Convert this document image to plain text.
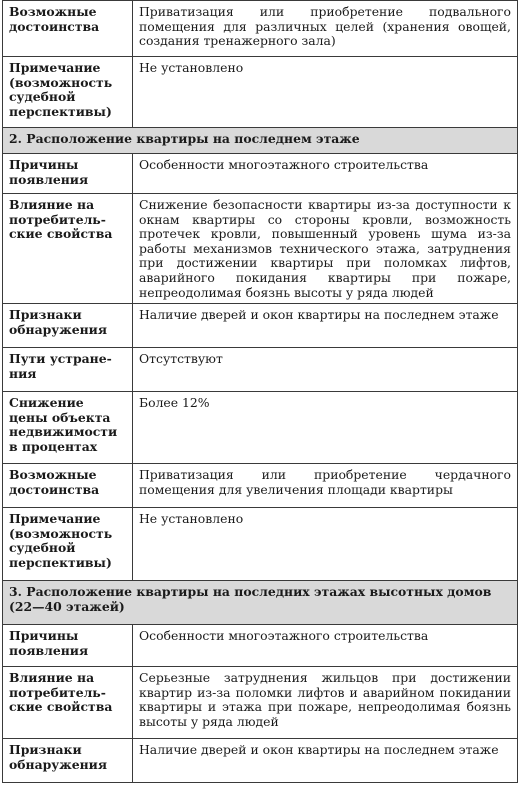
Возможные достоинства	Приватизация или приобретение подвального помещения для различных целей (хранения овощей, создания тренажерного зала)
Примечание (возможность судебной перспективы)	Не установлено
2. Расположение квартиры на последнем этаже	
Причины появления	Особенности многоэтажного строительства
Влияние на потребительские свойства	Снижение безопасности квартиры из-за доступности к окнам квартиры со стороны кровли, возможность протечек кровли, повышенный уровень шума из-за работы механизмов технического этажа, затруднения при достижении квартиры при поломках лифтов, аварийного покидания квартиры при пожаре, непреодолимая боязнь высоты у ряда людей
Признаки обнаружения	Наличие дверей и окон квартиры на последнем этаже
Пути устранения	Отсутствуют
Снижение цены объекта недвижимости в процентах	Более 12%
Возможные достоинства	Приватизация или приобретение чердачного помещения для увеличения площади квартиры
Примечание (возможность судебной перспективы)	Не установлено
3. Расположение квартиры на последних этажах высотных домов (22—40 этажей)	
Причины появления	Особенности многоэтажного строительства
Влияние на потребительские свойства	Серьезные затруднения жильцов при достижении квартир из-за поломки лифтов и аварийном покидании квартиры и этажа при пожаре, непреодолимая боязнь высоты у ряда людей
Признаки обнаружения	Наличие дверей и окон квартиры на последнем этаже
